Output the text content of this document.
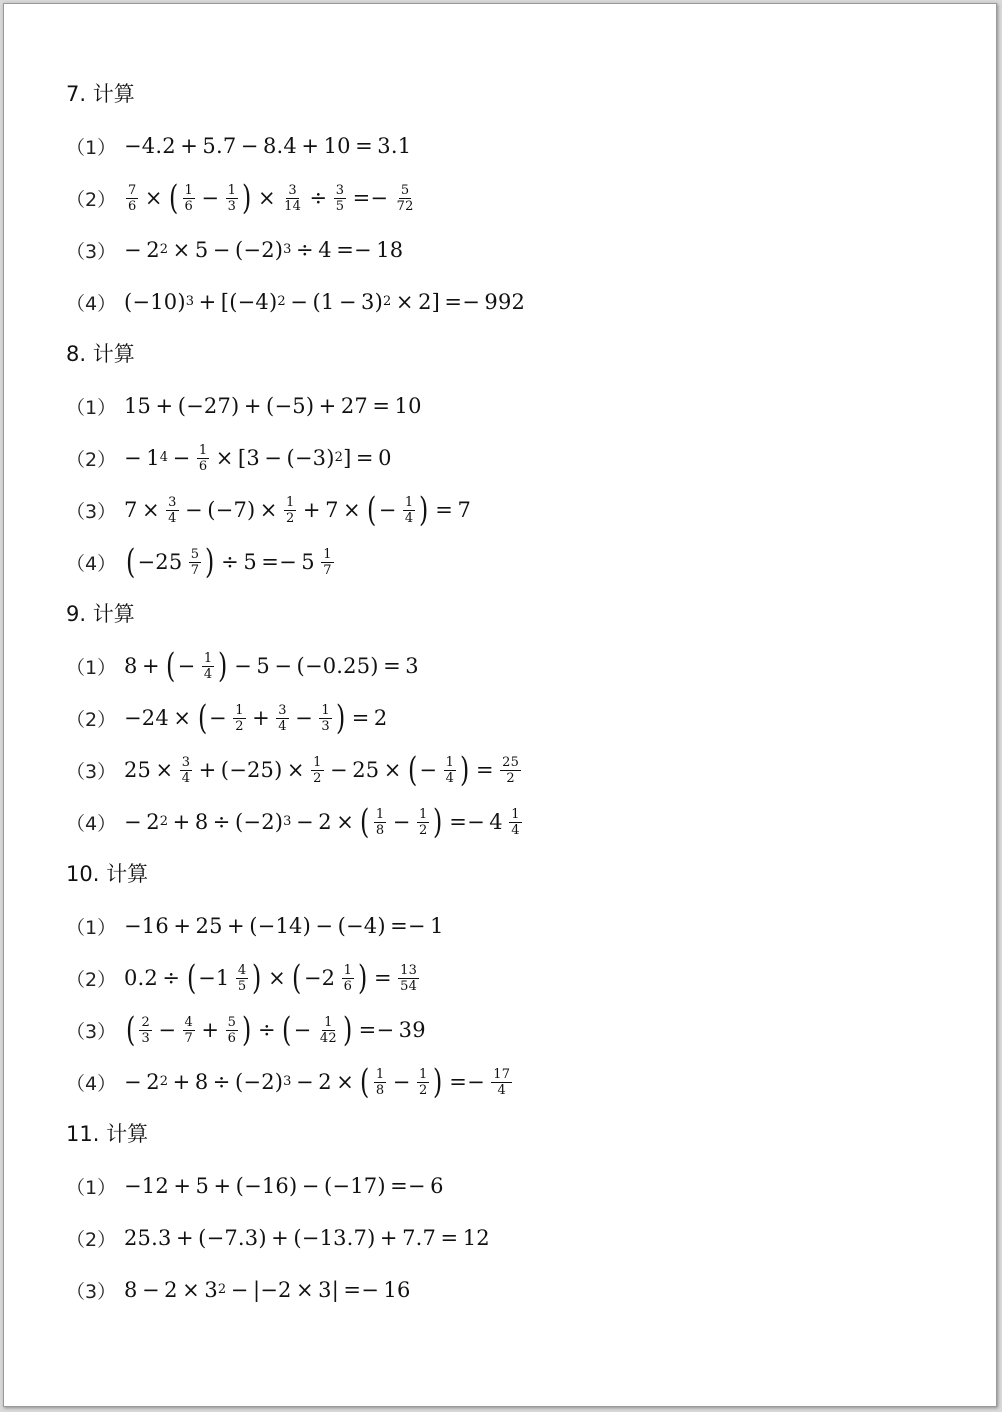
7. 计算
（1） − 4.2  +  5.7  −  8.4  +  10  =  3.1
$(2) \frac{7}{6}$  ×  ( $\frac{1}{6} - \frac{1}{3}$ )  ×  $\frac{3}{14} \div \frac{3}{5} =- \frac{5}{72}$
（3） −  2 2  ×  5  −  ( − 2 ) 3  ÷  4  =−  18
（4） ( − 10 ) 3  + [ ( − 4 ) 2  −  ( 1  −  3 ) 2  ×  2 ] =−  992
8. 计算
（1） 15  +  ( − 27 )  +  ( − 5 )  +  27  =  10
（2） −  1 $4 - \frac{1}{6}$  × [ 3  −  ( − 3 ) 2 ] =  0
（3） $7 \times \frac{3}{4}$  −  ( − 7 )  ×  $\frac{1}{2} + 7$  ×  ( −  $\frac{1}{4}$ )  =  7
（4） ( − 25
  $\frac{5}{7}$ )  ÷  5  =−  5
  $\frac{1}{7}$
9. 计算
（1） 8  +  ( −  $\frac{1}{4}$ )  −  5  −  ( − 0.25 )  =  3
（2） − 24  ×  ( −  $\frac{1}{2} + \frac{3}{4} - \frac{1}{3}$ )  =  2
（3） $25 \times \frac{3}{4}$  +  ( − 25 )  ×  $\frac{1}{2} - 25$  ×  ( −  $\frac{1}{4}$ )  =  $\frac{25}{2}$
（4） −  2 2  +  8  ÷  ( − 2 ) 3  −  2  ×  ( $\frac{1}{8} - \frac{1}{2}$ )  =−  4
  $\frac{1}{4}$
10. 计算
（1） − 16  +  25  +  ( − 14 )  −  ( − 4 )  =−  1
（2） 0.2  ÷  ( − 1
  $\frac{4}{5}$ )  ×  ( − 2
  $\frac{1}{6}$ )  =  $\frac{13}{54}$
（3） ( $\frac{2}{3} - \frac{4}{7} + \frac{5}{6}$ )  ÷  ( −  $\frac{1}{42}$ )  =−  39
（4） −  2 2  +  8  ÷  ( − 2 ) 3  −  2  ×  ( $\frac{1}{8} - \frac{1}{2}$ )  =−  $\frac{17}{4}$
11. 计算
（1） − 12  +  5  +  ( − 16 )  −  ( − 17 )  =−  6
（2） 25.3  +  ( − 7.3 )  +  ( − 13.7 )  +  7.7  =  12
（3） 8  −  2  ×  3 2  − |− 2  ×  3 | =−  16
